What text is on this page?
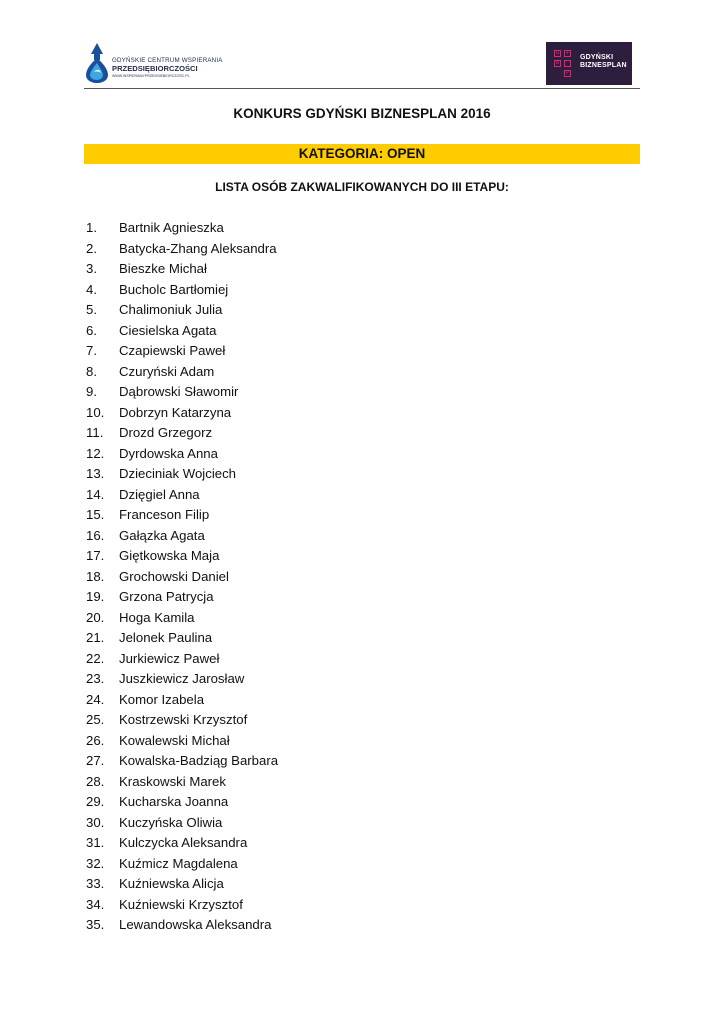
GDYŃSKIE CENTRUM WSPIERANIA
PRZEDSIĘBIORCZOŚCI
WWW.WSPIERAMYPRZEDSIEBIORCZOSC.PL
G	+
B
P
GDYŃSKI
BIZNESPLAN
KONKURS GDYŃSKI BIZNESPLAN 2016
KATEGORIA: OPEN
LISTA OSÓB ZAKWALIFIKOWANYCH DO III ETAPU:
1. Bartnik Agnieszka
2. Batycka-Zhang Aleksandra
3. Bieszke Michał
4. Bucholc Bartłomiej
5. Chalimoniuk Julia
6. Ciesielska Agata
7. Czapiewski Paweł
8. Czuryński Adam
9. Dąbrowski Sławomir
10. Dobrzyn Katarzyna
11. Drozd Grzegorz
12. Dyrdowska Anna
13. Dzieciniak Wojciech
14. Dzięgiel Anna
15. Franceson Filip
16. Gałązka Agata
17. Giętkowska Maja
18. Grochowski Daniel
19. Grzona Patrycja
20. Hoga Kamila
21. Jelonek Paulina
22. Jurkiewicz Paweł
23. Juszkiewicz Jarosław
24. Komor Izabela
25. Kostrzewski Krzysztof
26. Kowalewski Michał
27. Kowalska-Badziąg Barbara
28. Kraskowski Marek
29. Kucharska Joanna
30. Kuczyńska Oliwia
31. Kulczycka Aleksandra
32. Kuźmicz Magdalena
33. Kuźniewska Alicja
34. Kuźniewski Krzysztof
35. Lewandowska Aleksandra
